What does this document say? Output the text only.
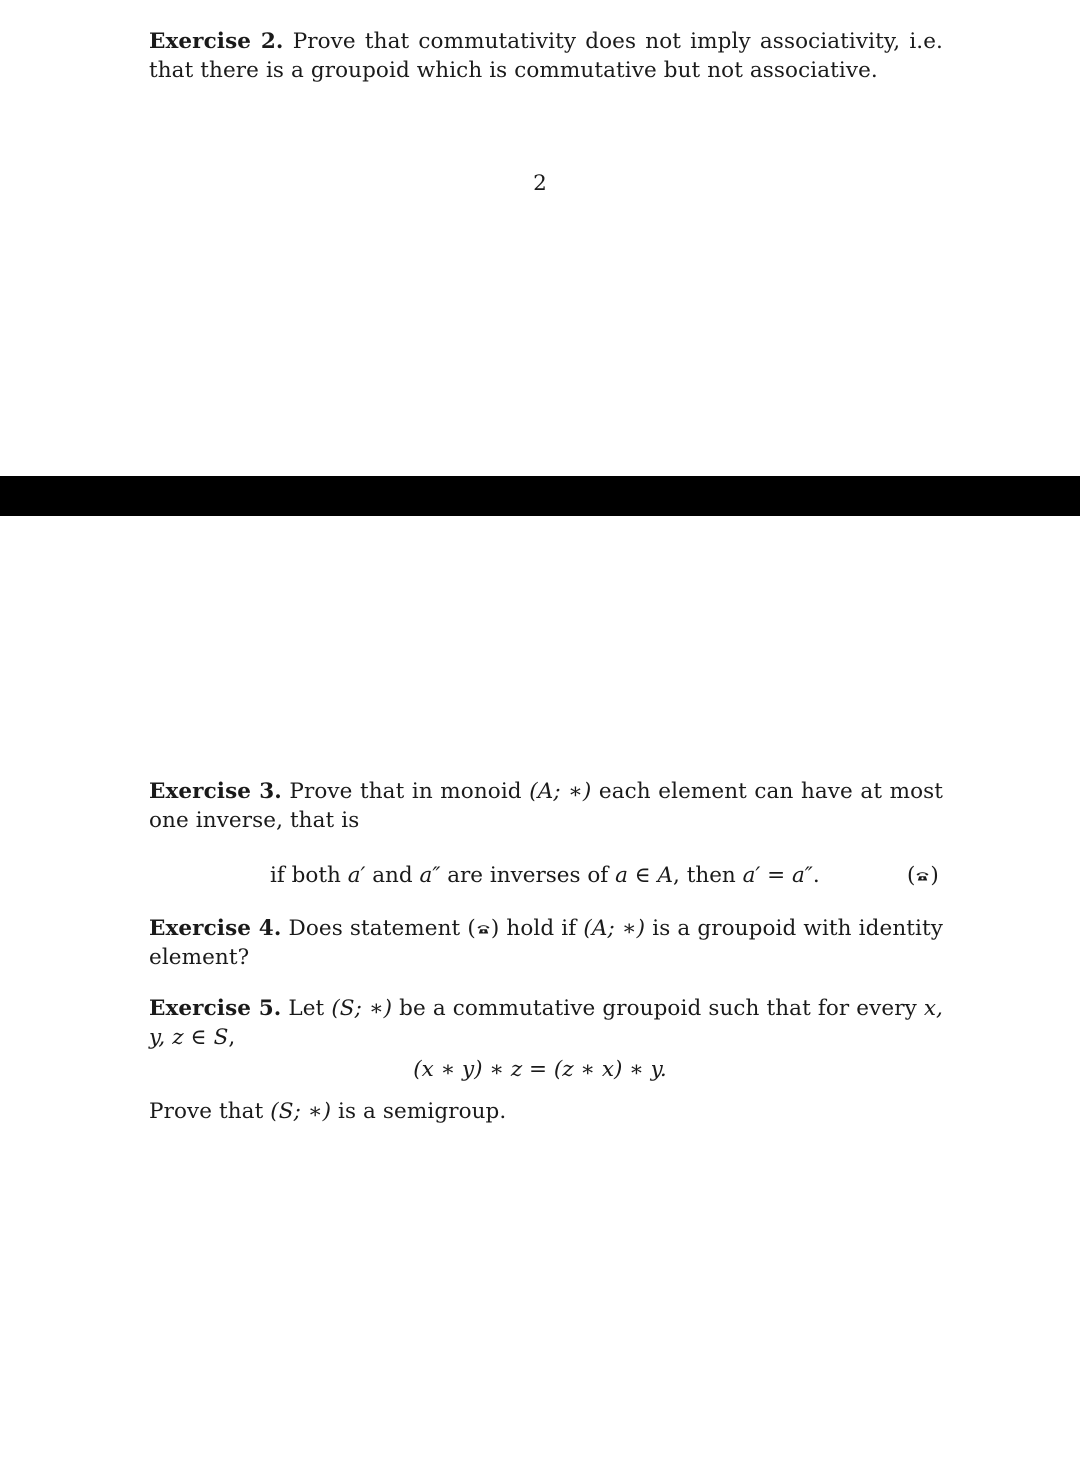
Exercise 2. Prove that commutativity does not imply associativity, i.e. that there is a groupoid which is commutative but not associative.
2
Exercise 3. Prove that in monoid (A; ∗) each element can have at most one inverse, that is
if both a′ and a″ are inverses of a ∈ A, then a′ = a″.	( )
Exercise 4. Does statement ( ) hold if (A; ∗) is a groupoid with identity element?
Exercise 5. Let (S; ∗) be a commutative groupoid such that for every x, y, z ∈ S,
(x ∗ y) ∗ z = (z ∗ x) ∗ y.
Prove that (S; ∗) is a semigroup.
